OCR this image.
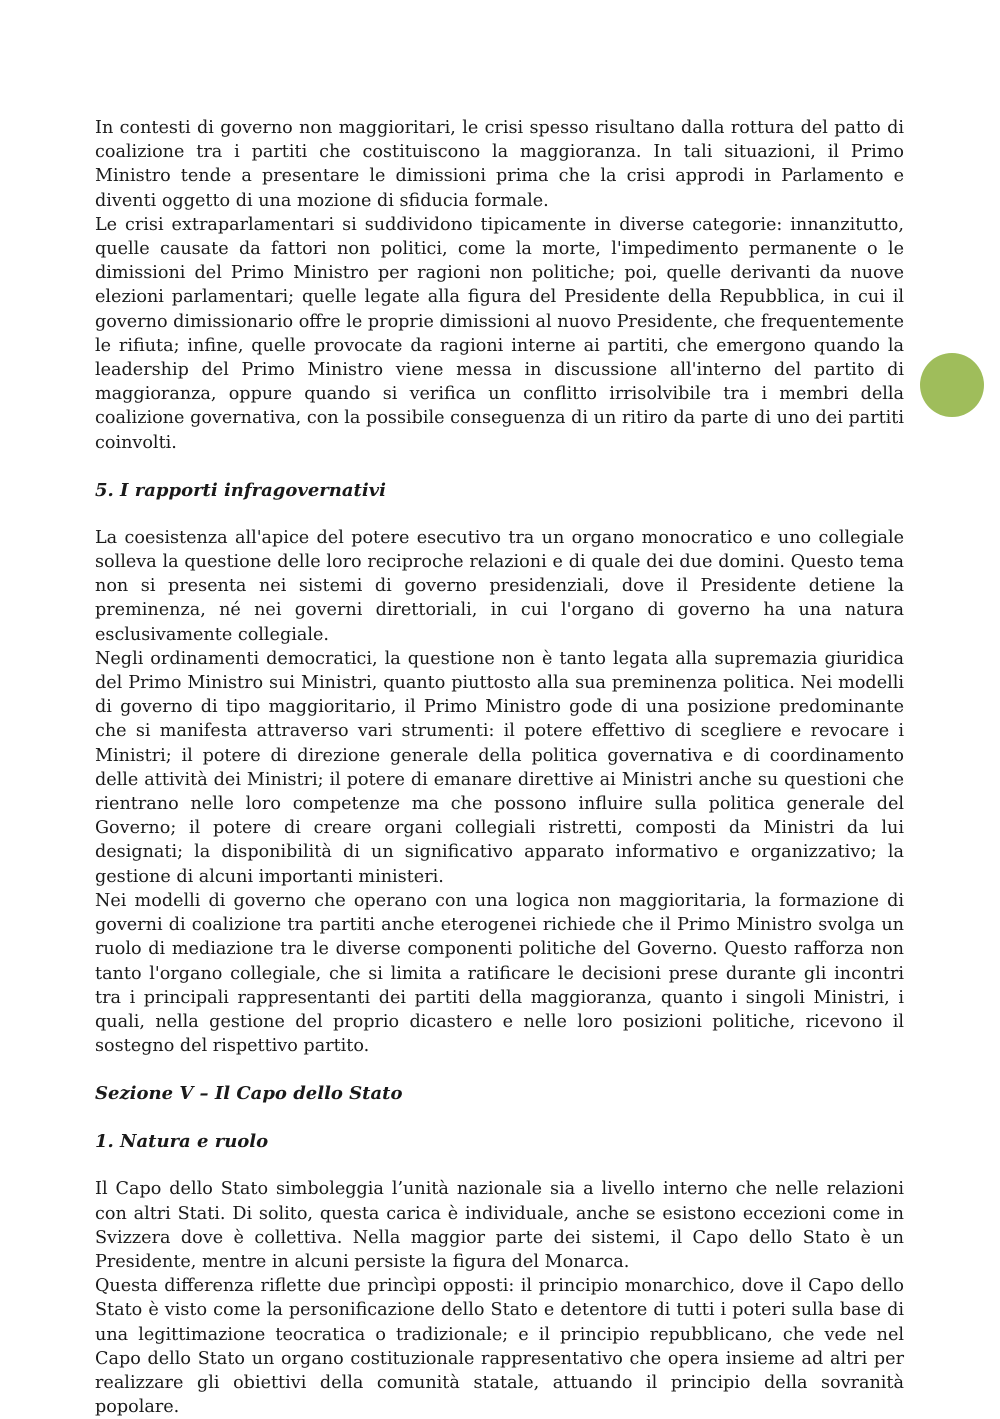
In contesti di governo non maggioritari, le crisi spesso risultano dalla rottura del patto di coalizione tra i partiti che costituiscono la maggioranza. In tali situazioni, il Primo Ministro tende a presentare le dimissioni prima che la crisi approdi in Parlamento e diventi oggetto di una mozione di sfiducia formale.

Le crisi extraparlamentari si suddividono tipicamente in diverse categorie: innanzitutto, quelle causate da fattori non politici, come la morte, l'impedimento permanente o le dimissioni del Primo Ministro per ragioni non politiche; poi, quelle derivanti da nuove elezioni parlamentari; quelle legate alla figura del Presidente della Repubblica, in cui il governo dimissionario offre le proprie dimissioni al nuovo Presidente, che frequentemente le rifiuta; infine, quelle provocate da ragioni interne ai partiti, che emergono quando la leadership del Primo Ministro viene messa in discussione all'interno del partito di maggioranza, oppure quando si verifica un conflitto irrisolvibile tra i membri della coalizione governativa, con la possibile conseguenza di un ritiro da parte di uno dei partiti coinvolti.

5. I rapporti infragovernativi

La coesistenza all'apice del potere esecutivo tra un organo monocratico e uno collegiale solleva la questione delle loro reciproche relazioni e di quale dei due domini. Questo tema non si presenta nei sistemi di governo presidenziali, dove il Presidente detiene la preminenza, né nei governi direttoriali, in cui l'organo di governo ha una natura esclusivamente collegiale.

Negli ordinamenti democratici, la questione non è tanto legata alla supremazia giuridica del Primo Ministro sui Ministri, quanto piuttosto alla sua preminenza politica. Nei modelli di governo di tipo maggioritario, il Primo Ministro gode di una posizione predominante che si manifesta attraverso vari strumenti: il potere effettivo di scegliere e revocare i Ministri; il potere di direzione generale della politica governativa e di coordinamento delle attività dei Ministri; il potere di emanare direttive ai Ministri anche su questioni che rientrano nelle loro competenze ma che possono influire sulla politica generale del Governo; il potere di creare organi collegiali ristretti, composti da Ministri da lui designati; la disponibilità di un significativo apparato informativo e organizzativo; la gestione di alcuni importanti ministeri.

Nei modelli di governo che operano con una logica non maggioritaria, la formazione di governi di coalizione tra partiti anche eterogenei richiede che il Primo Ministro svolga un ruolo di mediazione tra le diverse componenti politiche del Governo. Questo rafforza non tanto l'organo collegiale, che si limita a ratificare le decisioni prese durante gli incontri tra i principali rappresentanti dei partiti della maggioranza, quanto i singoli Ministri, i quali, nella gestione del proprio dicastero e nelle loro posizioni politiche, ricevono il sostegno del rispettivo partito.

Sezione V – Il Capo dello Stato
1. Natura e ruolo

Il Capo dello Stato simboleggia l’unità nazionale sia a livello interno che nelle relazioni con altri Stati. Di solito, questa carica è individuale, anche se esistono eccezioni come in Svizzera dove è collettiva. Nella maggior parte dei sistemi, il Capo dello Stato è un Presidente, mentre in alcuni persiste la figura del Monarca.

Questa differenza riflette due princìpi opposti: il principio monarchico, dove il Capo dello Stato è visto come la personificazione dello Stato e detentore di tutti i poteri sulla base di una legittimazione teocratica o tradizionale; e il principio repubblicano, che vede nel Capo dello Stato un organo costituzionale rappresentativo che opera insieme ad altri per realizzare gli obiettivi della comunità statale, attuando il principio della sovranità popolare.
